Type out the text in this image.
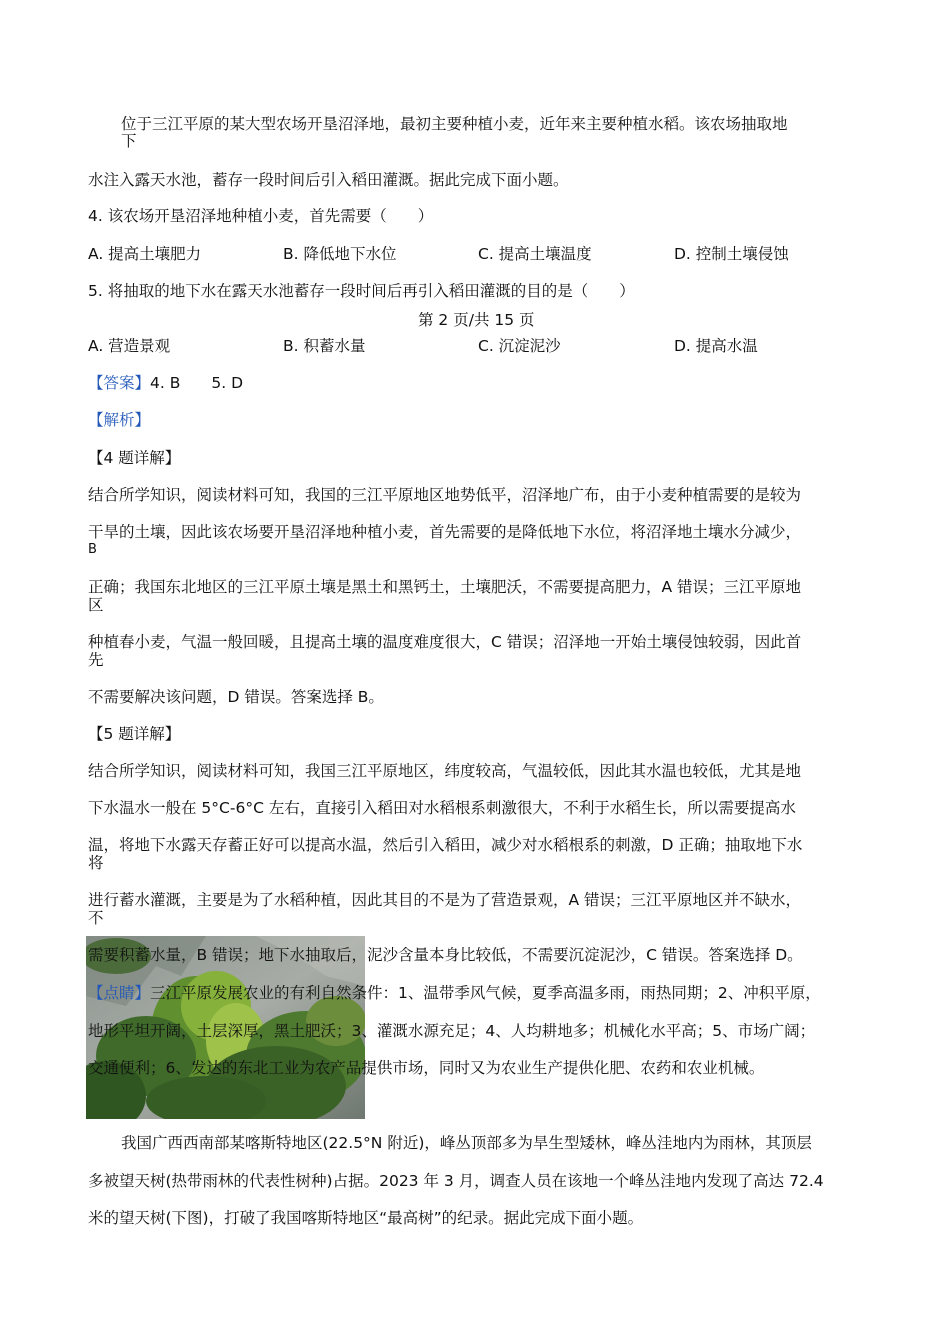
位于三江平原的某大型农场开垦沼泽地，最初主要种植小麦，近年来主要种植水稻。该农场抽取地
下
水注入露天水池，蓄存一段时间后引入稻田灌溉。据此完成下面小题。
4. 该农场开垦沼泽地种植小麦，首先需要（　　）
A. 提高土壤肥力	B. 降低地下水位	C. 提高土壤温度	D. 控制土壤侵蚀
5. 将抽取的地下水在露天水池蓄存一段时间后再引入稻田灌溉的目的是（　　）
第 2 页/共 15 页
A. 营造景观	B. 积蓄水量	C. 沉淀泥沙	D. 提高水温
【答案】4. B　　5. D
【解析】
【4 题详解】
结合所学知识，阅读材料可知，我国的三江平原地区地势低平，沼泽地广布，由于小麦种植需要的是较为
干旱的土壤，因此该农场要开垦沼泽地种植小麦，首先需要的是降低地下水位，将沼泽地土壤水分减少，
B
正确；我国东北地区的三江平原土壤是黑土和黑钙土，土壤肥沃，不需要提高肥力，A 错误；三江平原地
区
种植春小麦，气温一般回暖，且提高土壤的温度难度很大，C 错误；沼泽地一开始土壤侵蚀较弱，因此首
先
不需要解决该问题，D 错误。答案选择 B。
【5 题详解】
结合所学知识，阅读材料可知，我国三江平原地区，纬度较高，气温较低，因此其水温也较低，尤其是地
下水温水一般在 5°C-6°C 左右，直接引入稻田对水稻根系刺激很大，不利于水稻生长，所以需要提高水
温，将地下水露天存蓄正好可以提高水温，然后引入稻田，减少对水稻根系的刺激，D 正确；抽取地下水
将
进行蓄水灌溉，主要是为了水稻种植，因此其目的不是为了营造景观，A 错误；三江平原地区并不缺水，
不
需要积蓄水量，B 错误；地下水抽取后，泥沙含量本身比较低，不需要沉淀泥沙，C 错误。答案选择 D。
【点睛】三江平原发展农业的有利自然条件：1、温带季风气候，夏季高温多雨，雨热同期；2、冲积平原，
地形平坦开阔，土层深厚，黑土肥沃；3、灌溉水源充足；4、人均耕地多；机械化水平高；5、市场广阔；
交通便利；6、发达的东北工业为农产品提供市场，同时又为农业生产提供化肥、农药和农业机械。
我国广西西南部某喀斯特地区(22.5°N 附近)，峰丛顶部多为旱生型矮林，峰丛洼地内为雨林，其顶层
多被望天树(热带雨林的代表性树种)占据。2023 年 3 月，调查人员在该地一个峰丛洼地内发现了高达 72.4
米的望天树(下图)，打破了我国喀斯特地区“最高树”的纪录。据此完成下面小题。
